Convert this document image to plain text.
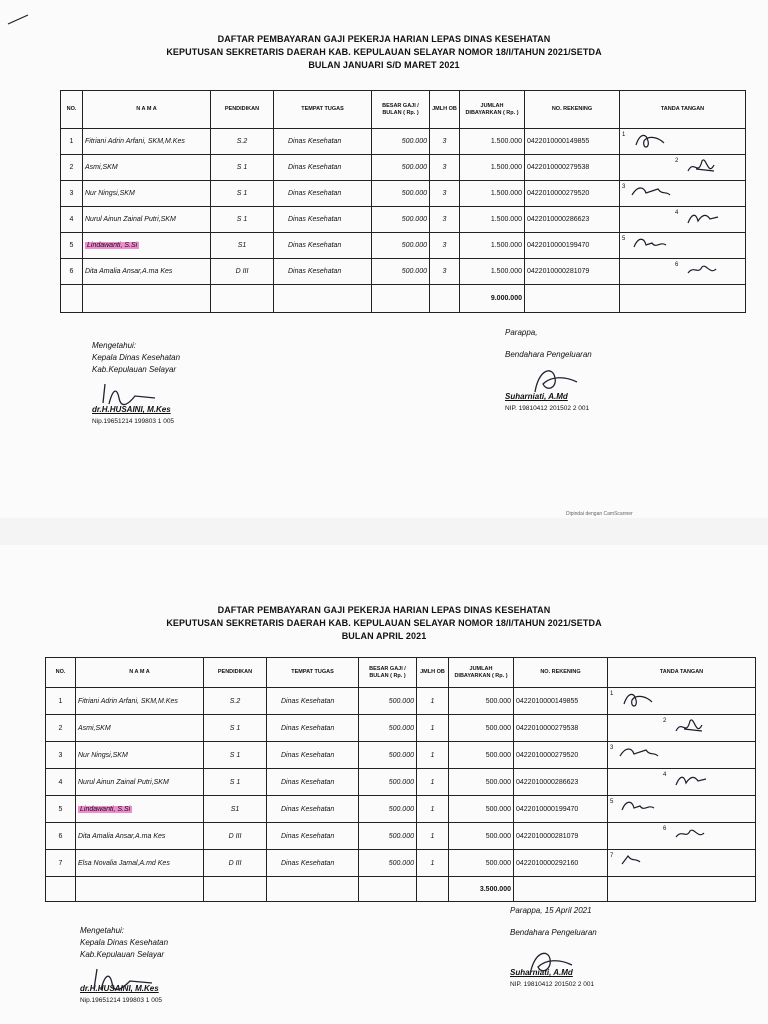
DAFTAR PEMBAYARAN GAJI PEKERJA HARIAN LEPAS DINAS KESEHATAN
KEPUTUSAN SEKRETARIS DAERAH KAB. KEPULAUAN SELAYAR NOMOR 18/I/TAHUN 2021/SETDA
BULAN JANUARI S/D MARET 2021
NO.	N A M A	PENDIDIKAN	TEMPAT TUGAS	BESAR GAJI / BULAN ( Rp. )	JMLH OB	JUMLAH DIBAYARKAN ( Rp. )	NO. REKENING	TANDA TANGAN
1	Fitriani Adrin Arfani, SKM,M.Kes	S.2	Dinas Kesehatan	500.000	3	1.500.000	0422010000149855	1

2	Asmi,SKM	S 1	Dinas Kesehatan	500.000	3	1.500.000	0422010000279538	2

3	Nur Ningsi,SKM	S 1	Dinas Kesehatan	500.000	3	1.500.000	0422010000279520	3

4	Nurul Ainun Zainal Putri,SKM	S 1	Dinas Kesehatan	500.000	3	1.500.000	0422010000286623	4

5	Lindawanti, S.Si	S1	Dinas Kesehatan	500.000	3	1.500.000	0422010000199470	5

6	Dita Amalia Ansar,A.ma Kes	D III	Dinas Kesehatan	500.000	3	1.500.000	0422010000281079	6

						9.000.000		
Mengetahui:
Kepala Dinas Kesehatan
Kab.Kepulauan Selayar
dr.H.HUSAINI, M.Kes
Nip.19651214 199803 1 005
Parappa,
Bendahara Pengeluaran
Suharniati, A.Md
NIP. 19810412 201502 2 001
Dipindai dengan CamScanner
DAFTAR PEMBAYARAN GAJI PEKERJA HARIAN LEPAS DINAS KESEHATAN
KEPUTUSAN SEKRETARIS DAERAH KAB. KEPULAUAN SELAYAR NOMOR 18/I/TAHUN 2021/SETDA
BULAN APRIL 2021
NO.	N A M A	PENDIDIKAN	TEMPAT TUGAS	BESAR GAJI / BULAN ( Rp. )	JMLH OB	JUMLAH DIBAYARKAN ( Rp. )	NO. REKENING	TANDA TANGAN
1	Fitriani Adrin Arfani, SKM,M.Kes	S.2	Dinas Kesehatan	500.000	1	500.000	0422010000149855	1

2	Asmi,SKM	S 1	Dinas Kesehatan	500.000	1	500.000	0422010000279538	2

3	Nur Ningsi,SKM	S 1	Dinas Kesehatan	500.000	1	500.000	0422010000279520	3

4	Nurul Ainun Zainal Putri,SKM	S 1	Dinas Kesehatan	500.000	1	500.000	0422010000286623	4

5	Lindawanti, S.Si	S1	Dinas Kesehatan	500.000	1	500.000	0422010000199470	5

6	Dita Amalia Ansar,A.ma Kes	D III	Dinas Kesehatan	500.000	1	500.000	0422010000281079	6

7	Elsa Novalia Jamal,A.md Kes	D III	Dinas Kesehatan	500.000	1	500.000	0422010000292160	7

						3.500.000		
Mengetahui:
Kepala Dinas Kesehatan
Kab.Kepulauan Selayar
dr.H.HUSAINI, M.Kes
Nip.19651214 199803 1 005
Parappa, 15 April 2021
Bendahara Pengeluaran
Suharniati, A.Md
NIP. 19810412 201502 2 001
